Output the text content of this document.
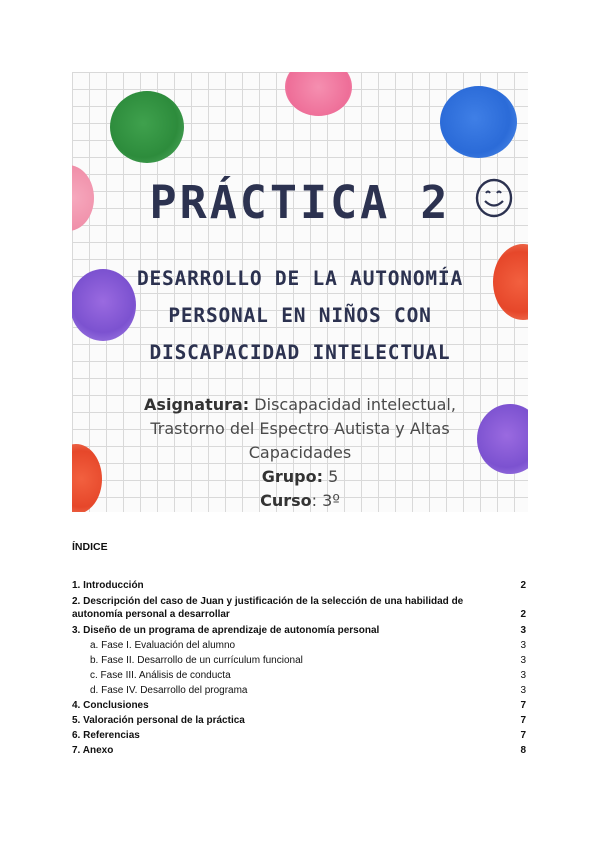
PRÁCTICA 2
DESARROLLO DE LA AUTONOMÍA PERSONAL EN NIÑOS CON DISCAPACIDAD INTELECTUAL
Asignatura: Discapacidad intelectual, Trastorno del Espectro Autista y Altas Capacidades
Grupo: 5
Curso: 3º
ÍNDICE
1. Introducción	2
2. Descripción del caso de Juan y justificación de la selección de una habilidad de autonomía personal a desarrollar	2
3. Diseño de un programa de aprendizaje de autonomía personal	3
a. Fase I. Evaluación del alumno	3
b. Fase II. Desarrollo de un currículum funcional	3
c. Fase III. Análisis de conducta	3
d. Fase IV. Desarrollo del programa	3
4. Conclusiones	7
5. Valoración personal de la práctica	7
6. Referencias	7
7. Anexo	8
